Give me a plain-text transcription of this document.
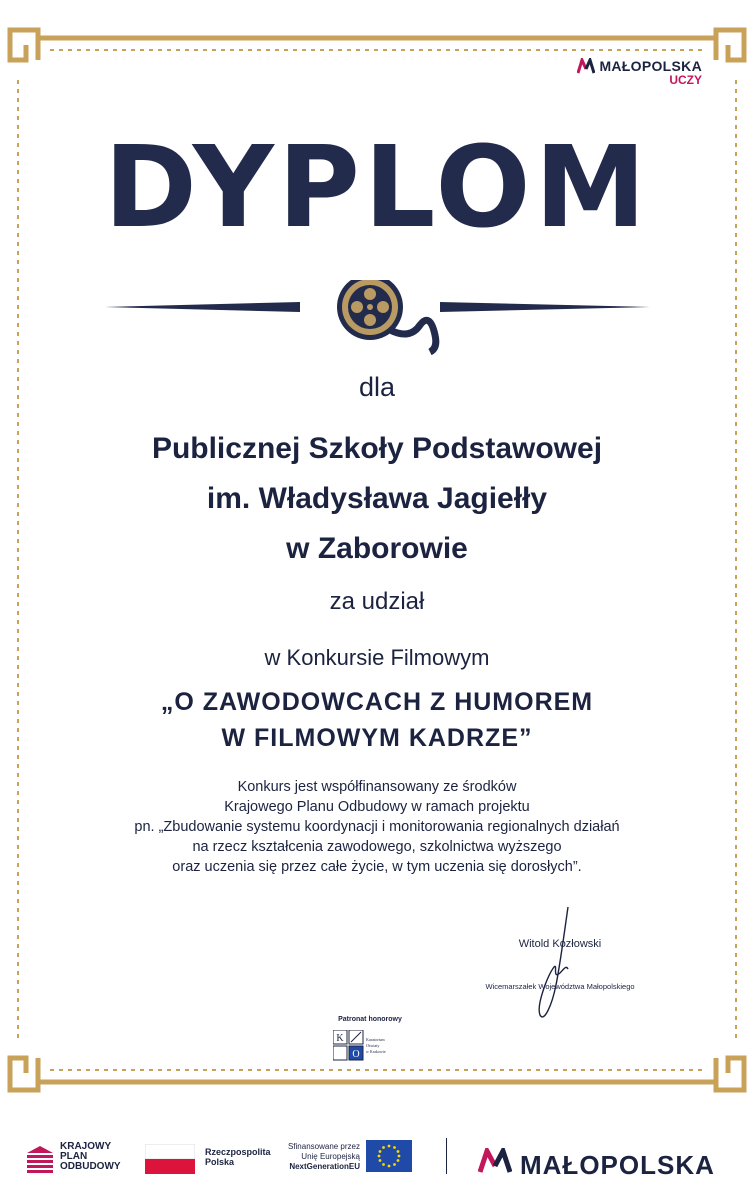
MAŁOPOLSKA
UCZY
DYPLOM
dla
Publicznej Szkoły Podstawowej
im. Władysława Jagiełły
w Zaborowie
za udział
w Konkursie Filmowym
„O ZAWODOWCACH Z HUMOREM
W FILMOWYM KADRZE”
Konkurs jest współfinansowany ze środków
Krajowego Planu Odbudowy w ramach projektu
pn. „Zbudowanie systemu koordynacji i monitorowania regionalnych działań
na rzecz kształcenia zawodowego, szkolnictwa wyższego
oraz uczenia się przez całe życie, w tym uczenia się dorosłych”.
Witold Kozłowski
Wicemarszałek Województwa Małopolskiego
Patronat honorowy
K
O
Kuratorium
Oświaty
w Krakowie
KRAJOWY
PLAN
ODBUDOWY
Rzeczpospolita
Polska
Sfinansowane przez
Unię Europejską
NextGenerationEU	MAŁOPOLSKA
